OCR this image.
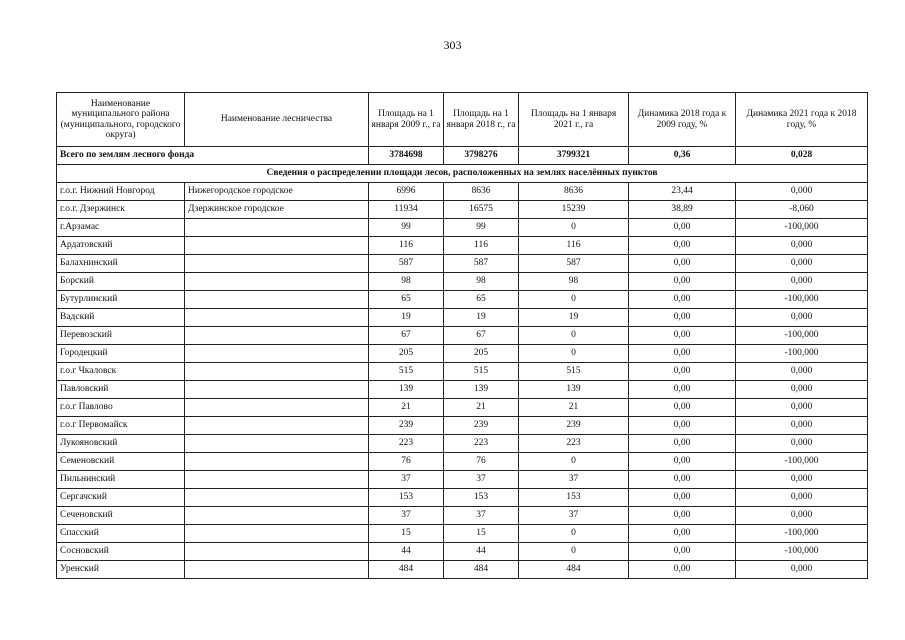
303
Наименование муниципального района (муниципального, городского округа)	Наименование лесничества	Площадь на 1 января 2009 г., га	Площадь на 1 января 2018 г., га	Площадь на 1 января 2021 г., га	Динамика 2018 года к 2009 году, %	Динамика 2021 года к 2018 году, %
Всего по землям лесного фонда		3784698	3798276	3799321	0,36	0,028
Сведения о распределении площади лесов, расположенных на землях населённых пунктов						
г.о.г. Нижний Новгород	Нижегородское городское	6996	8636	8636	23,44	0,000
г.о.г. Дзержинск	Дзержинское городское	11934	16575	15239	38,89	-8,060
г.Арзамас		99	99	0	0,00	-100,000
Ардатовский		116	116	116	0,00	0,000
Балахнинский		587	587	587	0,00	0,000
Борский		98	98	98	0,00	0,000
Бутурлинский		65	65	0	0,00	-100,000
Вадский		19	19	19	0,00	0,000
Перевозский		67	67	0	0,00	-100,000
Городецкий		205	205	0	0,00	-100,000
г.о.г Чкаловск		515	515	515	0,00	0,000
Павловский		139	139	139	0,00	0,000
г.о.г Павлово		21	21	21	0,00	0,000
г.о.г Первомайск		239	239	239	0,00	0,000
Лукояновский		223	223	223	0,00	0,000
Семеновский		76	76	0	0,00	-100,000
Пильнинский		37	37	37	0,00	0,000
Сергачский		153	153	153	0,00	0,000
Сеченовский		37	37	37	0,00	0,000
Спасский		15	15	0	0,00	-100,000
Сосновский		44	44	0	0,00	-100,000
Уренский		484	484	484	0,00	0,000
